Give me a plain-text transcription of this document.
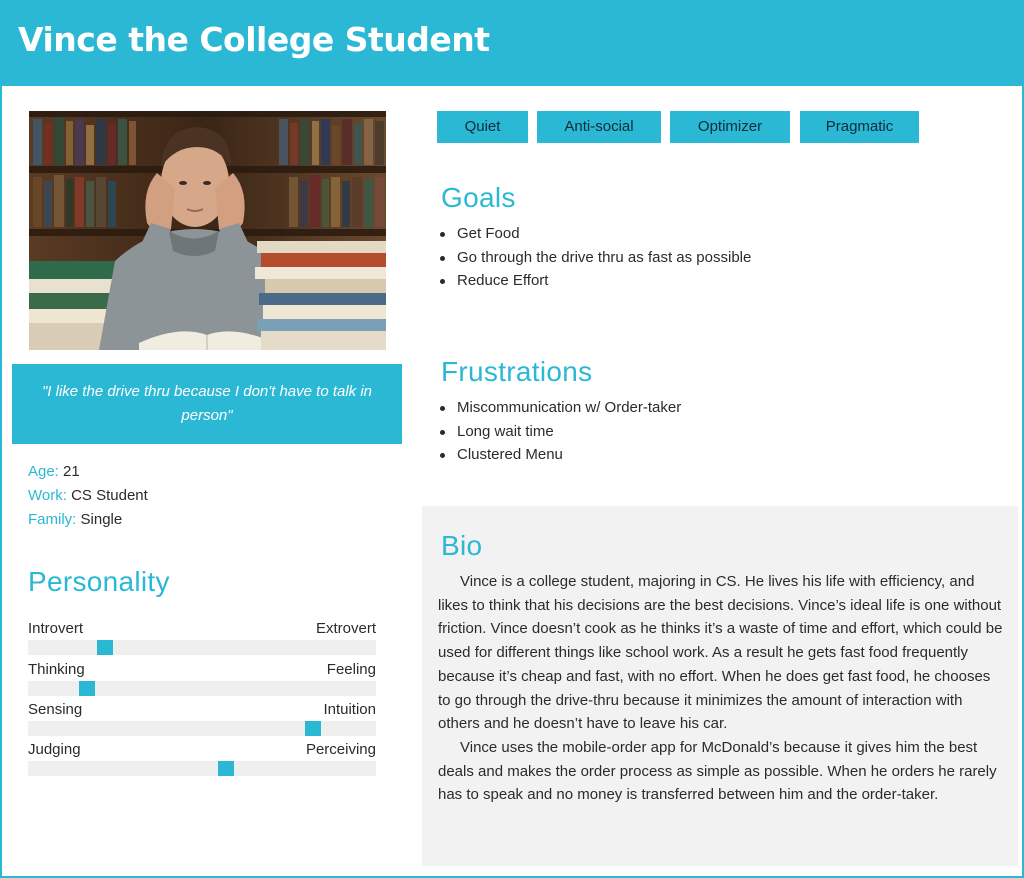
Vince the College Student
"I like the drive thru because I don't have to talk in person"
Age: 21
Work: CS Student
Family: Single
Personality
Introvert	Extrovert
Thinking	Feeling
Sensing	Intuition
Judging	Perceiving
Quiet	Anti-social	Optimizer	Pragmatic
Goals
Get Food
Go through the drive thru as fast as possible
Reduce Effort
Frustrations
Miscommunication w/ Order-taker
Long wait time
Clustered Menu
Bio

Vince is a college student, majoring in CS. He lives his life with efficiency, and likes to think that his decisions are the best decisions. Vince’s ideal life is one without friction. Vince doesn’t cook as he thinks it’s a waste of time and effort, which could be used for different things like school work. As a result he gets fast food frequently because it’s cheap and fast, with no effort. When he does get fast food, he chooses to go through the drive-thru because it minimizes the amount of interaction with others and he doesn’t have to leave his car.

Vince uses the mobile-order app for McDonald’s because it gives him the best deals and makes the order process as simple as possible. When he orders he rarely has to speak and no money is transferred between him and the order-taker.
